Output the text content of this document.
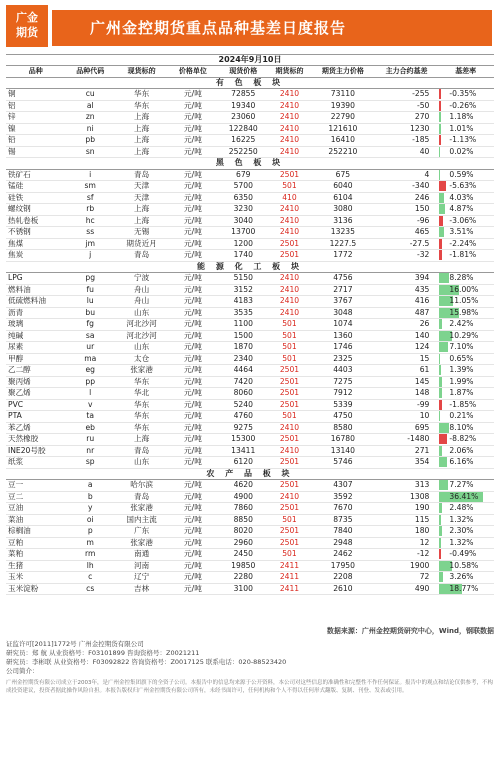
广金
期货	广州金控期货重点品种基差日度报告
2024年9月10日								
品种	品种代码	现货标的	价格单位	现货价格	期货标的	期货主力价格	主力合约基差	基差率
有 色 板 块								
铜	cu	华东	元/吨	72855	2410	73110	-255	-0.35%

铝	al	华东	元/吨	19340	2410	19390	-50	-0.26%

锌	zn	上海	元/吨	23060	2410	22790	270	1.18%

镍	ni	上海	元/吨	122840	2410	121610	1230	1.01%

铅	pb	上海	元/吨	16225	2410	16410	-185	-1.13%

锡	sn	上海	元/吨	252250	2410	252210	40	0.02%

黑 色 板 块								
铁矿石	i	青岛	元/吨	679	2501	675	4	0.59%

锰硅	sm	天津	元/吨	5700	501	6040	-340	-5.63%

硅铁	sf	天津	元/吨	6350	410	6104	246	4.03%

螺纹钢	rb	上海	元/吨	3230	2410	3080	150	4.87%

热轧卷板	hc	上海	元/吨	3040	2410	3136	-96	-3.06%

不锈钢	ss	无锡	元/吨	13700	2410	13235	465	3.51%

焦煤	jm	期货近月	元/吨	1200	2501	1227.5	-27.5	-2.24%

焦炭	j	青岛	元/吨	1740	2501	1772	-32	-1.81%

能 源 化 工 板 块								
LPG	pg	宁波	元/吨	5150	2410	4756	394	8.28%

燃料油	fu	舟山	元/吨	3152	2410	2717	435	16.00%

低硫燃料油	lu	舟山	元/吨	4183	2410	3767	416	11.05%

沥青	bu	山东	元/吨	3535	2410	3048	487	15.98%

玻璃	fg	河北沙河	元/吨	1100	501	1074	26	2.42%

纯碱	sa	河北沙河	元/吨	1500	501	1360	140	10.29%

尿素	ur	山东	元/吨	1870	501	1746	124	7.10%

甲醇	ma	太仓	元/吨	2340	501	2325	15	0.65%

乙二醇	eg	张家港	元/吨	4464	2501	4403	61	1.39%

聚丙烯	pp	华东	元/吨	7420	2501	7275	145	1.99%

聚乙烯	l	华北	元/吨	8060	2501	7912	148	1.87%

PVC	v	华东	元/吨	5240	2501	5339	-99	-1.85%

PTA	ta	华东	元/吨	4760	501	4750	10	0.21%

苯乙烯	eb	华东	元/吨	9275	2410	8580	695	8.10%

天然橡胶	ru	上海	元/吨	15300	2501	16780	-1480	-8.82%

INE20号胶	nr	青岛	元/吨	13411	2410	13140	271	2.06%

纸浆	sp	山东	元/吨	6120	2501	5746	354	6.16%

农 产 品 板 块								
豆一	a	哈尔滨	元/吨	4620	2501	4307	313	7.27%

豆二	b	青岛	元/吨	4900	2410	3592	1308	36.41%

豆油	y	张家港	元/吨	7860	2501	7670	190	2.48%

菜油	oi	国内主流	元/吨	8850	501	8735	115	1.32%

棕榈油	p	广东	元/吨	8020	2501	7840	180	2.30%

豆粕	m	张家港	元/吨	2960	2501	2948	12	1.32%

菜粕	rm	南通	元/吨	2450	501	2462	-12	-0.49%

生猪	lh	河南	元/吨	19850	2411	17950	1900	10.58%

玉米	c	辽宁	元/吨	2280	2411	2208	72	3.26%

玉米淀粉	cs	吉林	元/吨	3100	2411	2610	490	18.77%
数据来源：广州金控期货研究中心，Wind，钢联数据
证监许可[2011]1772号 广州金控期货有限公司
研究员：郑 航 从业资格号：F03101899 咨询资格号：Z0021211
研究员：李彬联 从业资格号：F03092822 咨询资格号：Z0017125 联系电话：020-88523420
公司简介：
广州金控期货有限公司成立于2003年，是广州金控集团旗下的全资子公司。本报告中的信息均来源于公开资料，本公司对这些信息的准确性和完整性不作任何保证。报告中的观点和结论仅供参考，不构成投资建议，投资者据此操作风险自担。本报告版权归广州金控期货有限公司所有，未经书面许可，任何机构和个人不得以任何形式翻版、复制、刊登、发表或引用。
